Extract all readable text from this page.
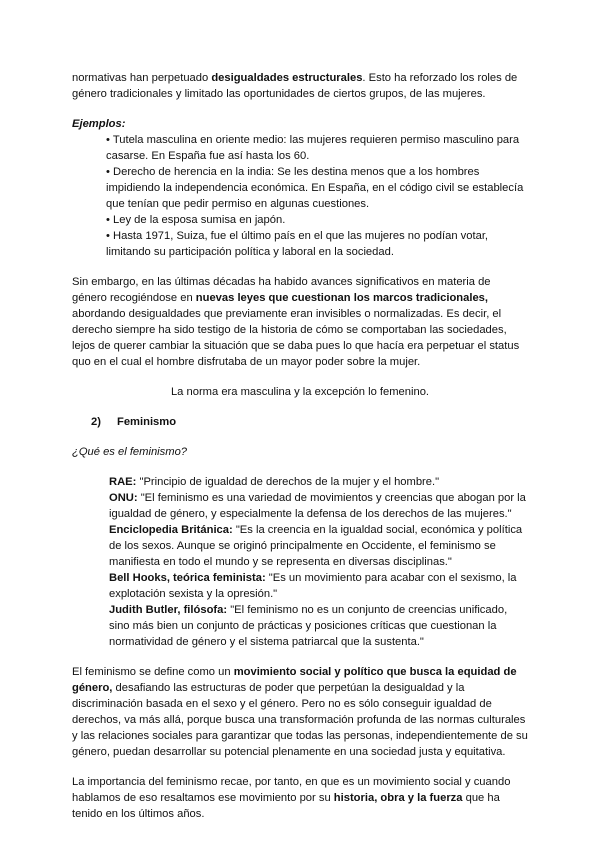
normativas han perpetuado desigualdades estructurales. Esto ha reforzado los roles de género tradicionales y limitado las oportunidades de ciertos grupos, de las mujeres.

Ejemplos:

• Tutela masculina en oriente medio: las mujeres requieren permiso masculino para casarse. En España fue así hasta los 60.
• Derecho de herencia en la india: Se les destina menos que a los hombres impidiendo la independencia económica. En España, en el código civil se establecía que tenían que pedir permiso en algunas cuestiones.
• Ley de la esposa sumisa en japón.
• Hasta 1971, Suiza, fue el último país en el que las mujeres no podían votar, limitando su participación política y laboral en la sociedad.

Sin embargo, en las últimas décadas ha habido avances significativos en materia de género recogiéndose en nuevas leyes que cuestionan los marcos tradicionales, abordando desigualdades que previamente eran invisibles o normalizadas. Es decir, el derecho siempre ha sido testigo de la historia de cómo se comportaban las sociedades, lejos de querer cambiar la situación que se daba pues lo que hacía era perpetuar el status quo en el cual el hombre disfrutaba de un mayor poder sobre la mujer.

La norma era masculina y la excepción lo femenino.

2) Feminismo

¿Qué es el feminismo?

RAE: "Principio de igualdad de derechos de la mujer y el hombre."

ONU: "El feminismo es una variedad de movimientos y creencias que abogan por la igualdad de género, y especialmente la defensa de los derechos de las mujeres."

Enciclopedia Británica: "Es la creencia en la igualdad social, económica y política de los sexos. Aunque se originó principalmente en Occidente, el feminismo se manifiesta en todo el mundo y se representa en diversas disciplinas."

Bell Hooks, teórica feminista: "Es un movimiento para acabar con el sexismo, la explotación sexista y la opresión."

Judith Butler, filósofa: "El feminismo no es un conjunto de creencias unificado, sino más bien un conjunto de prácticas y posiciones críticas que cuestionan la normatividad de género y el sistema patriarcal que la sustenta."

El feminismo se define como un movimiento social y político que busca la equidad de género, desafiando las estructuras de poder que perpetúan la desigualdad y la discriminación basada en el sexo y el género. Pero no es sólo conseguir igualdad de derechos, va más allá, porque busca una transformación profunda de las normas culturales y las relaciones sociales para garantizar que todas las personas, independientemente de su género, puedan desarrollar su potencial plenamente en una sociedad justa y equitativa.

La importancia del feminismo recae, por tanto, en que es un movimiento social y cuando hablamos de eso resaltamos ese movimiento por su historia, obra y la fuerza que ha tenido en los últimos años.
